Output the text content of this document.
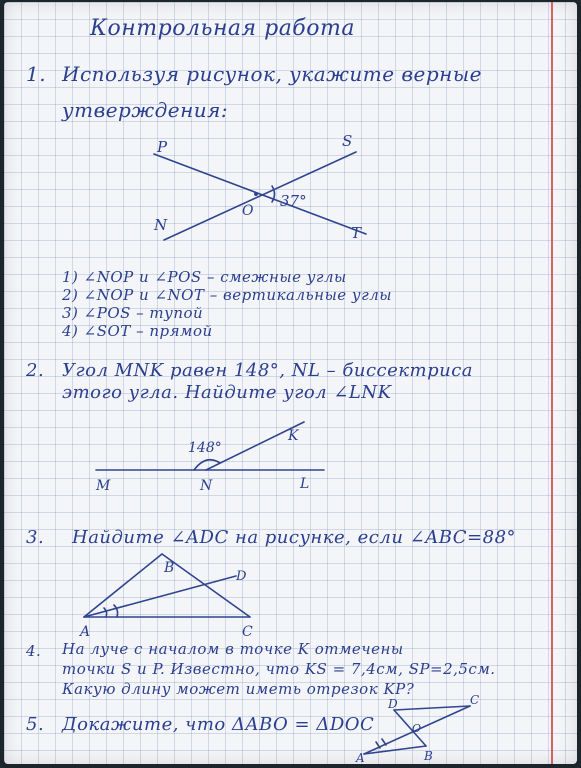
Контрольная работа
1. Используя рисунок, укажите верные
утверждения:
P	S
N	T
O
37°
1) ∠NOP и ∠POS – смежные углы
2) ∠NOP и ∠NOT – вертикальные углы
3) ∠POS – тупой
4) ∠SOT – прямой
2. Угол MNK равен 148°, NL – биссектриса
этого угла. Найдите угол ∠LNK
M	N	L
K
148°
3. Найдите ∠ADC на рисунке, если ∠ABC=88°
A
B
C
D
4. На луче с началом в точке K отмечены
точки S и P. Известно, что KS = 7,4см, SP=2,5см.
Какую длину может иметь отрезок KP?
5. Докажите, что ΔABO = ΔDOC
D	C
A	B
O
